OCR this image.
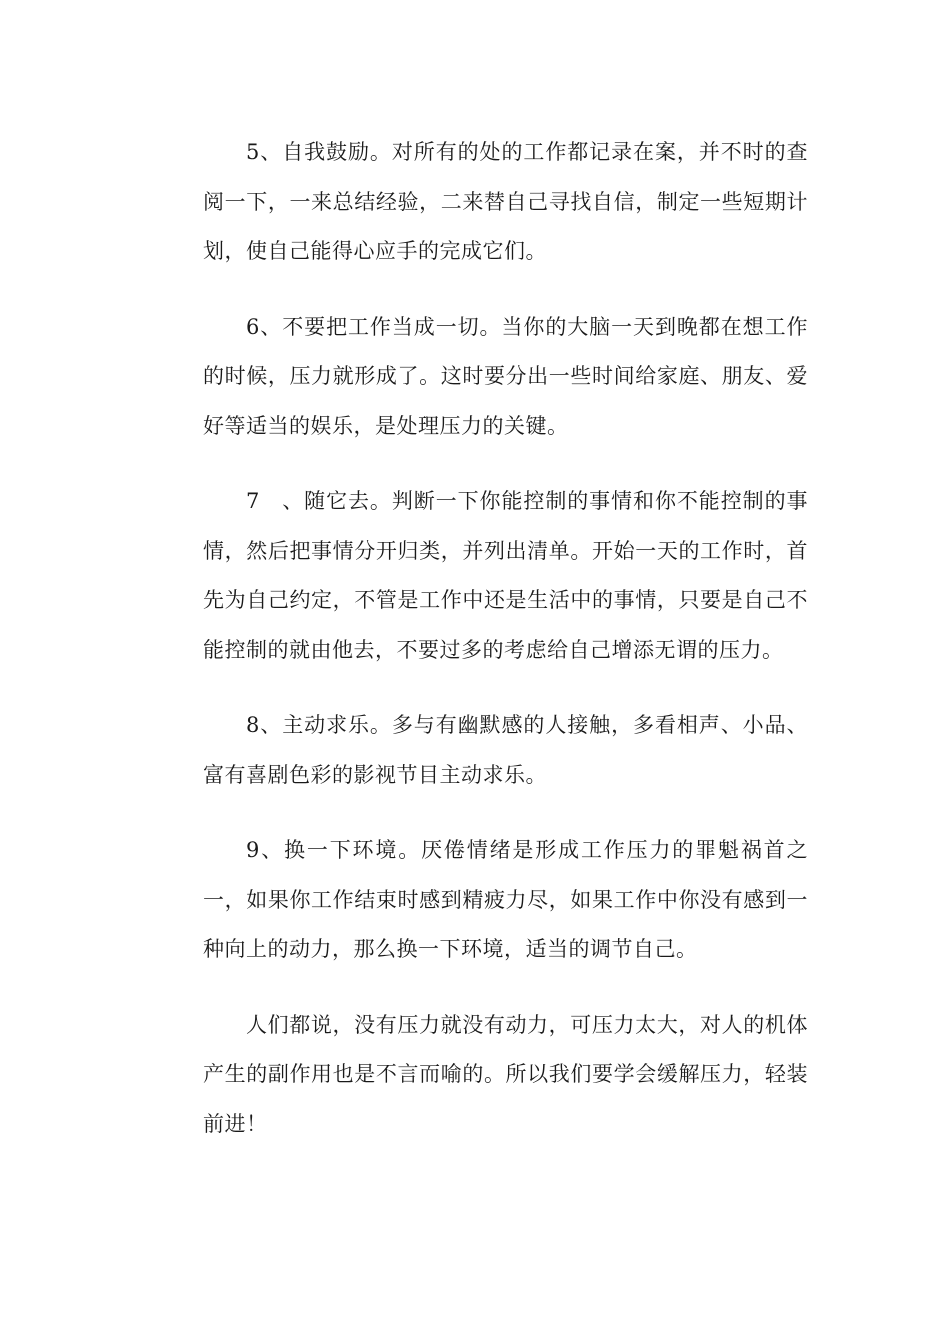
5、自我鼓励。对所有的处的工作都记录在案，并不时的查阅一下，一来总结经验，二来替自己寻找自信，制定一些短期计划，使自己能得心应手的完成它们。

6、不要把工作当成一切。当你的大脑一天到晚都在想工作的时候，压力就形成了。这时要分出一些时间给家庭、朋友、爱好等适当的娱乐，是处理压力的关键。

7　、随它去。判断一下你能控制的事情和你不能控制的事情，然后把事情分开归类，并列出清单。开始一天的工作时，首先为自己约定，不管是工作中还是生活中的事情，只要是自己不能控制的就由他去，不要过多的考虑给自己增添无谓的压力。

8、主动求乐。多与有幽默感的人接触，多看相声、小品、富有喜剧色彩的影视节目主动求乐。

9、换一下环境。厌倦情绪是形成工作压力的罪魁祸首之一，如果你工作结束时感到精疲力尽，如果工作中你没有感到一种向上的动力，那么换一下环境，适当的调节自己。

人们都说，没有压力就没有动力，可压力太大，对人的机体产生的副作用也是不言而喻的。所以我们要学会缓解压力，轻装前进！
